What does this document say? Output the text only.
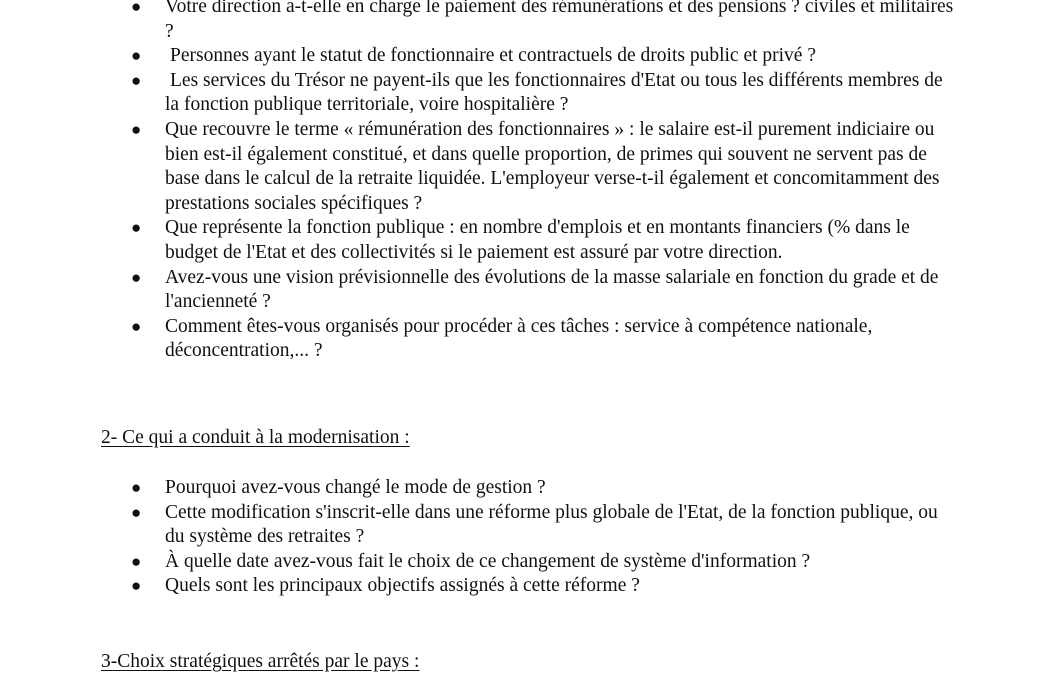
● Votre direction a-t-elle en charge le paiement des rémunérations et des pensions ? civiles et militaires ?
● Personnes ayant le statut de fonctionnaire et contractuels de droits public et privé ?
● Les services du Trésor ne payent-ils que les fonctionnaires d'Etat ou tous les différents membres de la fonction publique territoriale, voire hospitalière ?
● Que recouvre le terme « rémunération des fonctionnaires » : le salaire est-il purement indiciaire ou bien est-il également constitué, et dans quelle proportion, de primes qui souvent ne servent pas de base dans le calcul de la retraite liquidée. L'employeur verse-t-il également et concomitamment des prestations sociales spécifiques ?
● Que représente la fonction publique : en nombre d'emplois et en montants financiers (% dans le budget de l'Etat et des collectivités si le paiement est assuré par votre direction.
● Avez-vous une vision prévisionnelle des évolutions de la masse salariale en fonction du grade et de l'ancienneté ?
● Comment êtes-vous organisés pour procéder à ces tâches : service à compétence nationale, déconcentration,... ?
2- Ce qui a conduit à la modernisation :
● Pourquoi avez-vous changé le mode de gestion ?
● Cette modification s'inscrit-elle dans une réforme plus globale de l'Etat, de la fonction publique, ou du système des retraites ?
● À quelle date avez-vous fait le choix de ce changement de système d'information ?
● Quels sont les principaux objectifs assignés à cette réforme ?
3-Choix stratégiques arrêtés par le pays :
